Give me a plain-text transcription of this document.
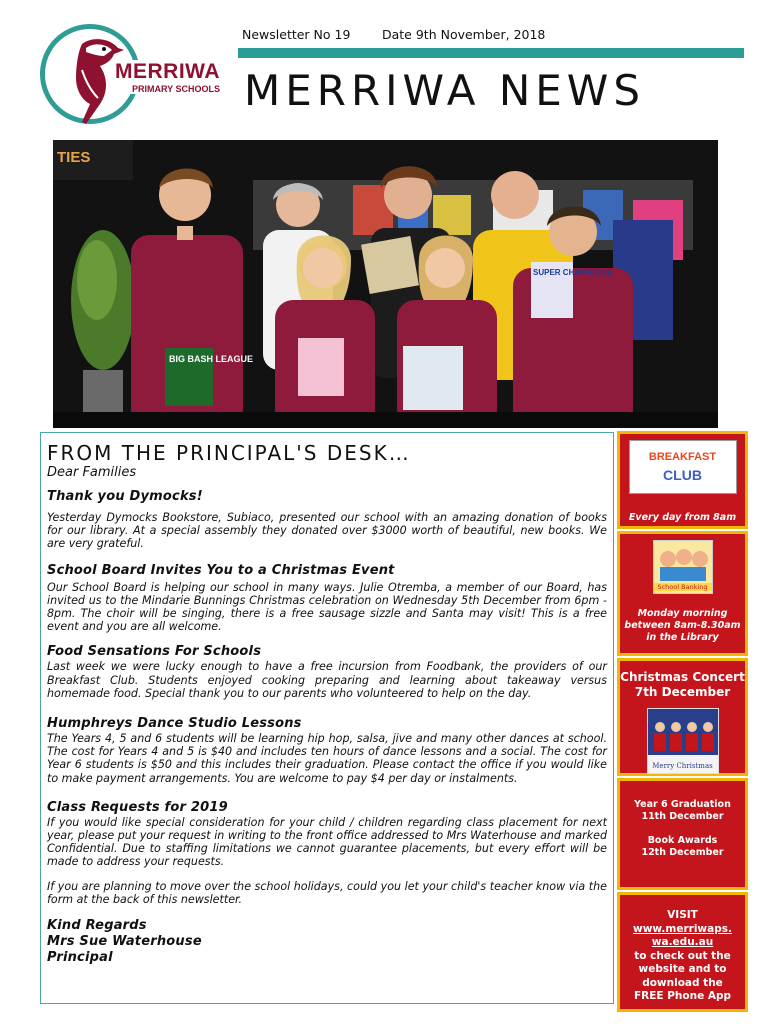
MERRIWA
PRIMARY SCHOOLS
Newsletter No 19	Date 9th November, 2018
MERRIWA NEWS
TIES
BIG BASH LEAGUE
SUPER CHAMPIONS
FROM THE PRINCIPAL'S DESK…
Dear Families
Thank you Dymocks!
Yesterday Dymocks Bookstore, Subiaco, presented our school with an amazing donation of books for our library. At a special assembly they donated over $3000 worth of beautiful, new books. We are very grateful.
School Board Invites You to a Christmas Event
Our School Board is helping our school in many ways. Julie Otremba, a member of our Board, has invited us to the Mindarie Bunnings Christmas celebration on Wednesday 5th December from 6pm - 8pm. The choir will be singing, there is a free sausage sizzle and Santa may visit! This is a free event and you are all welcome.
Food Sensations For Schools
Last week we were lucky enough to have a free incursion from Foodbank, the providers of our Breakfast Club. Students enjoyed cooking preparing and learning about takeaway versus homemade food. Special thank you to our parents who volunteered to help on the day.
Humphreys Dance Studio Lessons
The Years 4, 5 and 6 students will be learning hip hop, salsa, jive and many other dances at school. The cost for Years 4 and 5 is $40 and includes ten hours of dance lessons and a social. The cost for Year 6 students is $50 and this includes their graduation. Please contact the office if you would like to make payment arrangements. You are welcome to pay $4 per day or instalments.
Class Requests for 2019
If you would like special consideration for your child / children regarding class placement for next year, please put your request in writing to the front office addressed to Mrs Waterhouse and marked Confidential. Due to staffing limitations we cannot guarantee placements, but every effort will be made to address your requests.
If you are planning to move over the school holidays, could you let your child's teacher know via the form at the back of this newsletter.
Kind Regards
Mrs Sue Waterhouse
Principal
BREAKFAST
CLUB
Every day from 8am
School Banking
Monday morning between 8am-8.30am in the Library
Christmas Concert
7th December
Merry Christmas
Year 6 Graduation
11th December
Book Awards
12th December
VISIT
www.merriwaps.
wa.edu.au
to check out the website and to download the FREE Phone App
